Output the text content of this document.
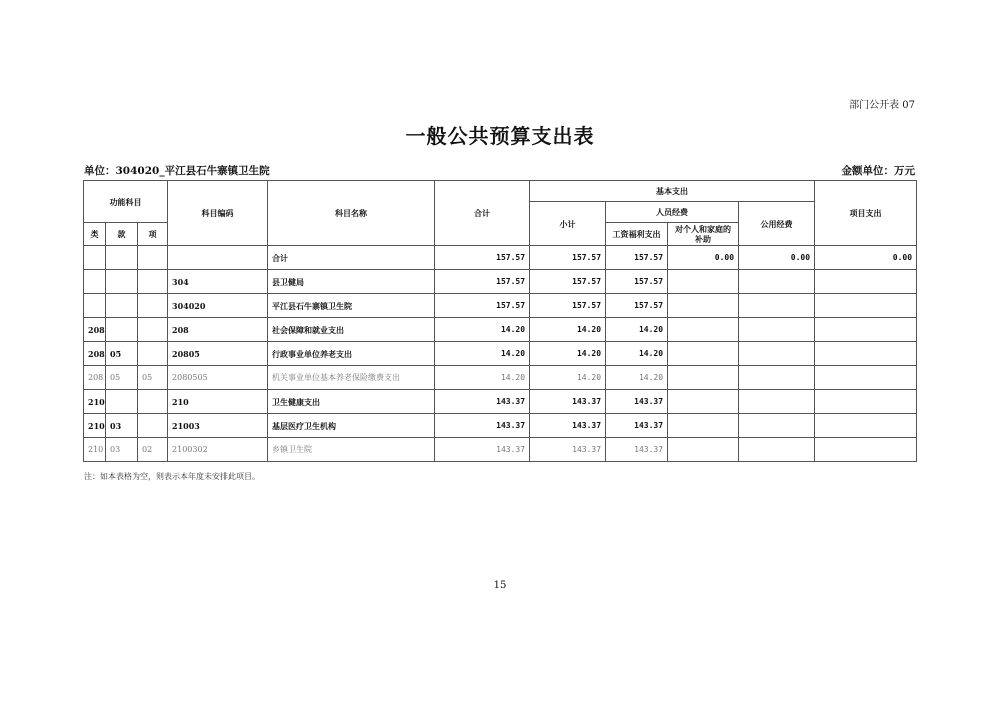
部门公开表 07
一般公共预算支出表
单位：304020_平江县石牛寨镇卫生院	金额单位：万元
功能科目			科目编码	科目名称	合计	基本支出				项目支出
						小计	人员经费		公用经费	
类	款	项					工资福利支出	对个人和家庭的补助		
				合计	157.57	157.57	157.57	0.00	0.00	0.00
			304	县卫健局	157.57	157.57	157.57			
			304020	平江县石牛寨镇卫生院	157.57	157.57	157.57			
208			208	社会保障和就业支出	14.20	14.20	14.20			
208	05		20805	行政事业单位养老支出	14.20	14.20	14.20			
208	05	05	2080505	机关事业单位基本养老保险缴费支出	14.20	14.20	14.20			
210			210	卫生健康支出	143.37	143.37	143.37			
210	03		21003	基层医疗卫生机构	143.37	143.37	143.37			
210	03	02	2100302	乡镇卫生院	143.37	143.37	143.37			
注：如本表格为空，则表示本年度未安排此项目。
15
